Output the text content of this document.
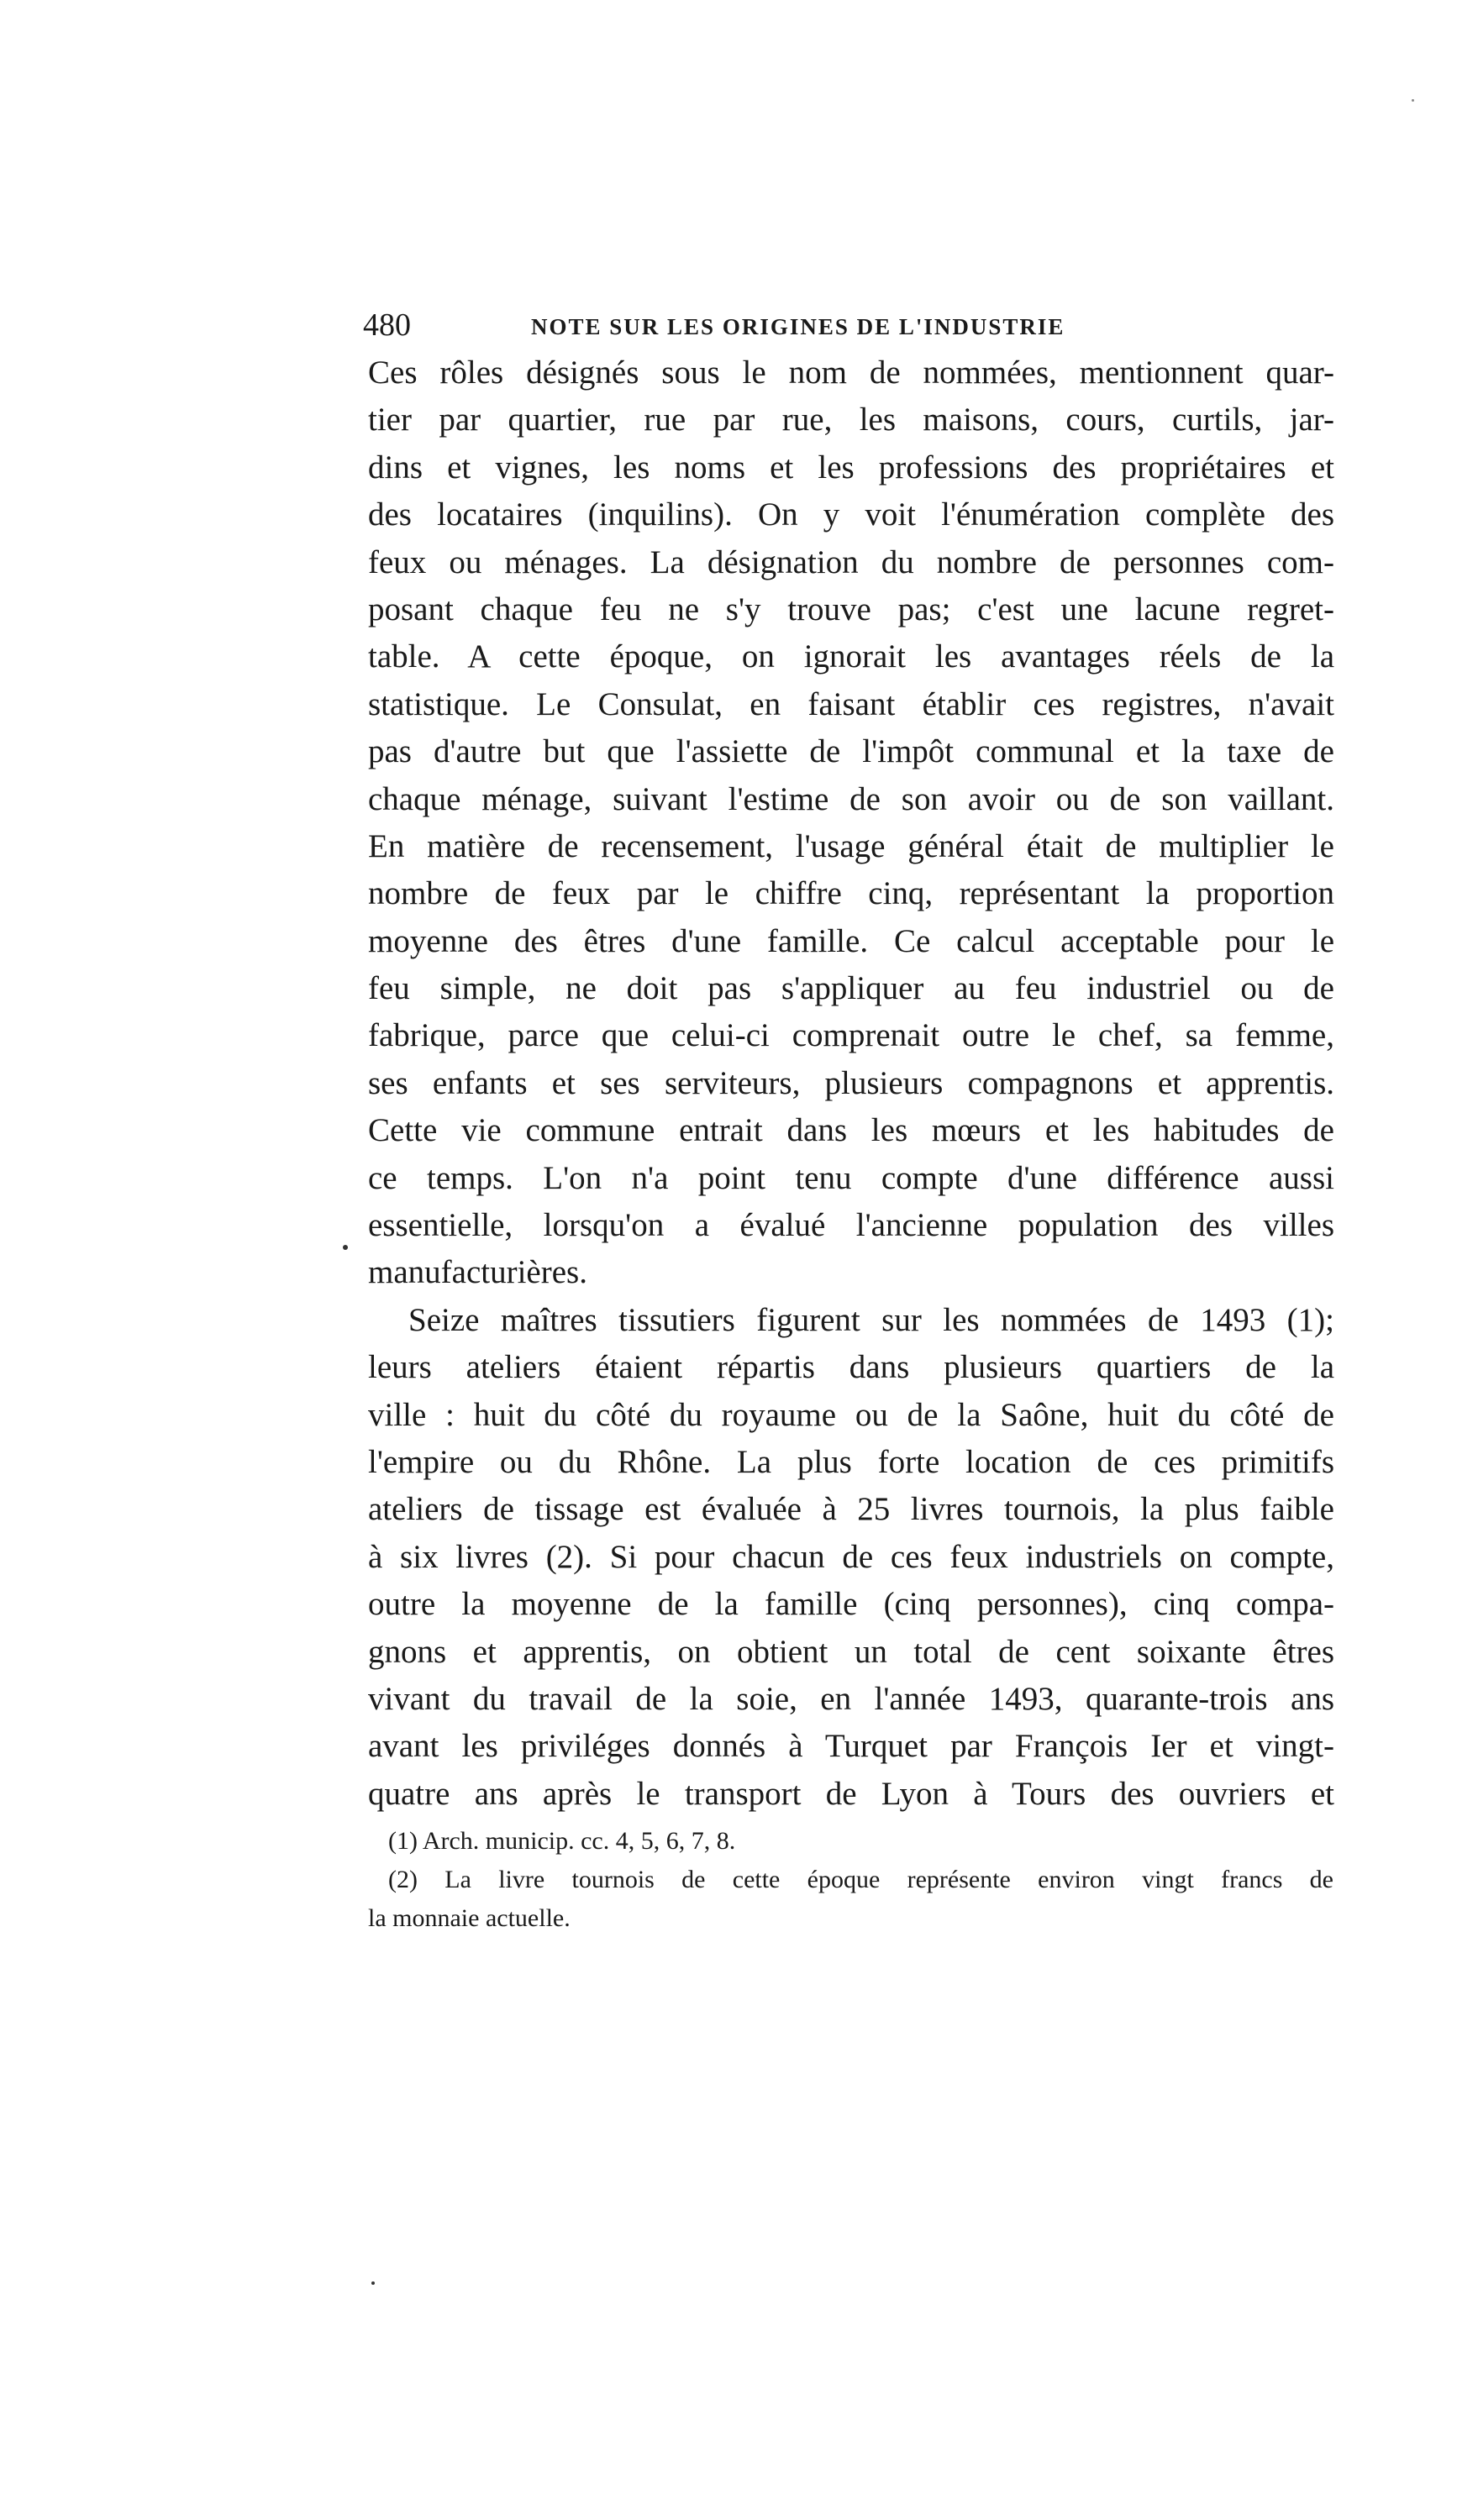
480	NOTE SUR LES ORIGINES DE L'INDUSTRIE
Ces rôles désignés sous le nom de nommées, mentionnent quar-
tier par quartier, rue par rue, les maisons, cours, curtils, jar-
dins et vignes, les noms et les professions des propriétaires et
des locataires (inquilins). On y voit l'énumération complète des
feux ou ménages. La désignation du nombre de personnes com-
posant chaque feu ne s'y trouve pas; c'est une lacune regret-
table. A cette époque, on ignorait les avantages réels de la
statistique. Le Consulat, en faisant établir ces registres, n'avait
pas d'autre but que l'assiette de l'impôt communal et la taxe de
chaque ménage, suivant l'estime de son avoir ou de son vaillant.
En matière de recensement, l'usage général était de multiplier le
nombre de feux par le chiffre cinq, représentant la proportion
moyenne des êtres d'une famille. Ce calcul acceptable pour le
feu simple, ne doit pas s'appliquer au feu industriel ou de
fabrique, parce que celui-ci comprenait outre le chef, sa femme,
ses enfants et ses serviteurs, plusieurs compagnons et apprentis.
Cette vie commune entrait dans les mœurs et les habitudes de
ce temps. L'on n'a point tenu compte d'une différence aussi
essentielle, lorsqu'on a évalué l'ancienne population des villes
manufacturières.
Seize maîtres tissutiers figurent sur les nommées de 1493 (1);
leurs ateliers étaient répartis dans plusieurs quartiers de la
ville : huit du côté du royaume ou de la Saône, huit du côté de
l'empire ou du Rhône. La plus forte location de ces primitifs
ateliers de tissage est évaluée à 25 livres tournois, la plus faible
à six livres (2). Si pour chacun de ces feux industriels on compte,
outre la moyenne de la famille (cinq personnes), cinq compa-
gnons et apprentis, on obtient un total de cent soixante êtres
vivant du travail de la soie, en l'année 1493, quarante-trois ans
avant les priviléges donnés à Turquet par François Ier et vingt-
quatre ans après le transport de Lyon à Tours des ouvriers et
(1) Arch. municip. cc. 4, 5, 6, 7, 8.
(2) La livre tournois de cette époque représente environ vingt francs de
la monnaie actuelle.
